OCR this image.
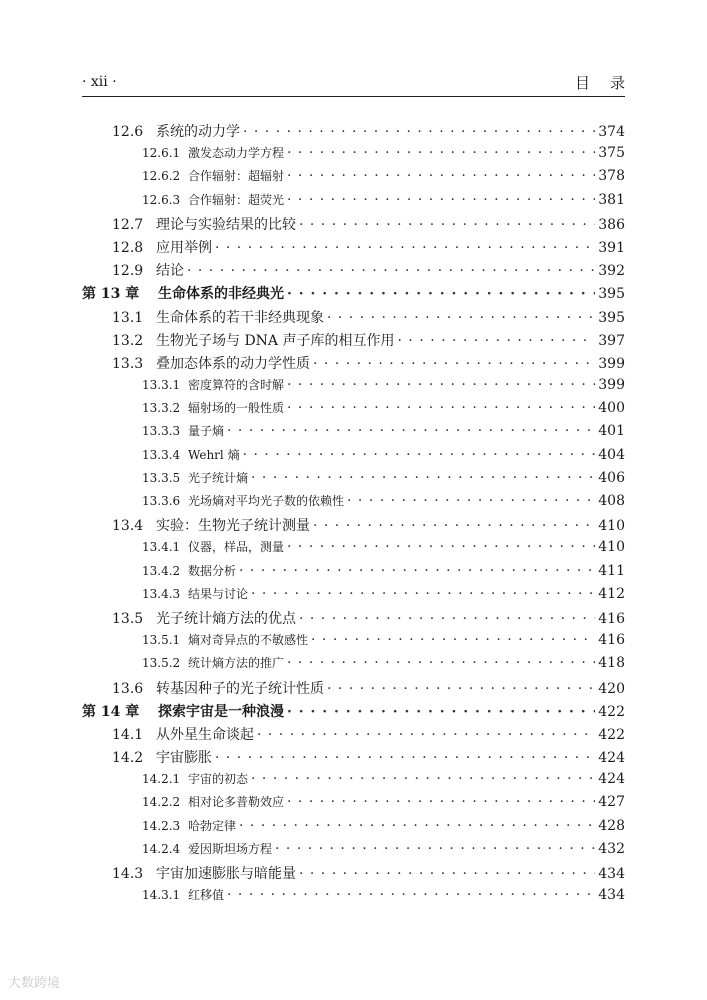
· xii ·	目录
12.6 系统的动力学 · · ·	374
12.6.1 激发态动力学方程 · · ·	375
12.6.2 合作辐射：超辐射 · · ·	378
12.6.3 合作辐射：超荧光 · · ·	381
12.7 理论与实验结果的比较 · · ·	386
12.8 应用举例 · · ·	391
12.9 结论 · · ·	392
第 13 章	生命体系的非经典光 · · ·	395
13.1 生命体系的若干非经典现象 · · ·	395
13.2 生物光子场与 DNA 声子库的相互作用 · · ·	397
13.3 叠加态体系的动力学性质 · · ·	399
13.3.1 密度算符的含时解 · · ·	399
13.3.2 辐射场的一般性质 · · ·	400
13.3.3 量子熵 · · ·	401
13.3.4 Wehrl 熵 · · ·	404
13.3.5 光子统计熵 · · ·	406
13.3.6 光场熵对平均光子数的依赖性 · · ·	408
13.4 实验：生物光子统计测量 · · ·	410
13.4.1 仪器，样品，测量 · · ·	410
13.4.2 数据分析 · · ·	411
13.4.3 结果与讨论 · · ·	412
13.5 光子统计熵方法的优点 · · ·	416
13.5.1 熵对奇异点的不敏感性 · · ·	416
13.5.2 统计熵方法的推广 · · ·	418
13.6 转基因种子的光子统计性质 · · ·	420
第 14 章	探索宇宙是一种浪漫 · · ·	422
14.1 从外星生命谈起 · · ·	422
14.2 宇宙膨胀 · · ·	424
14.2.1 宇宙的初态 · · ·	424
14.2.2 相对论多普勒效应 · · ·	427
14.2.3 哈勃定律 · · ·	428
14.2.4 爱因斯坦场方程 · · ·	432
14.3 宇宙加速膨胀与暗能量 · · ·	434
14.3.1 红移值 · · ·	434
大数跨境
